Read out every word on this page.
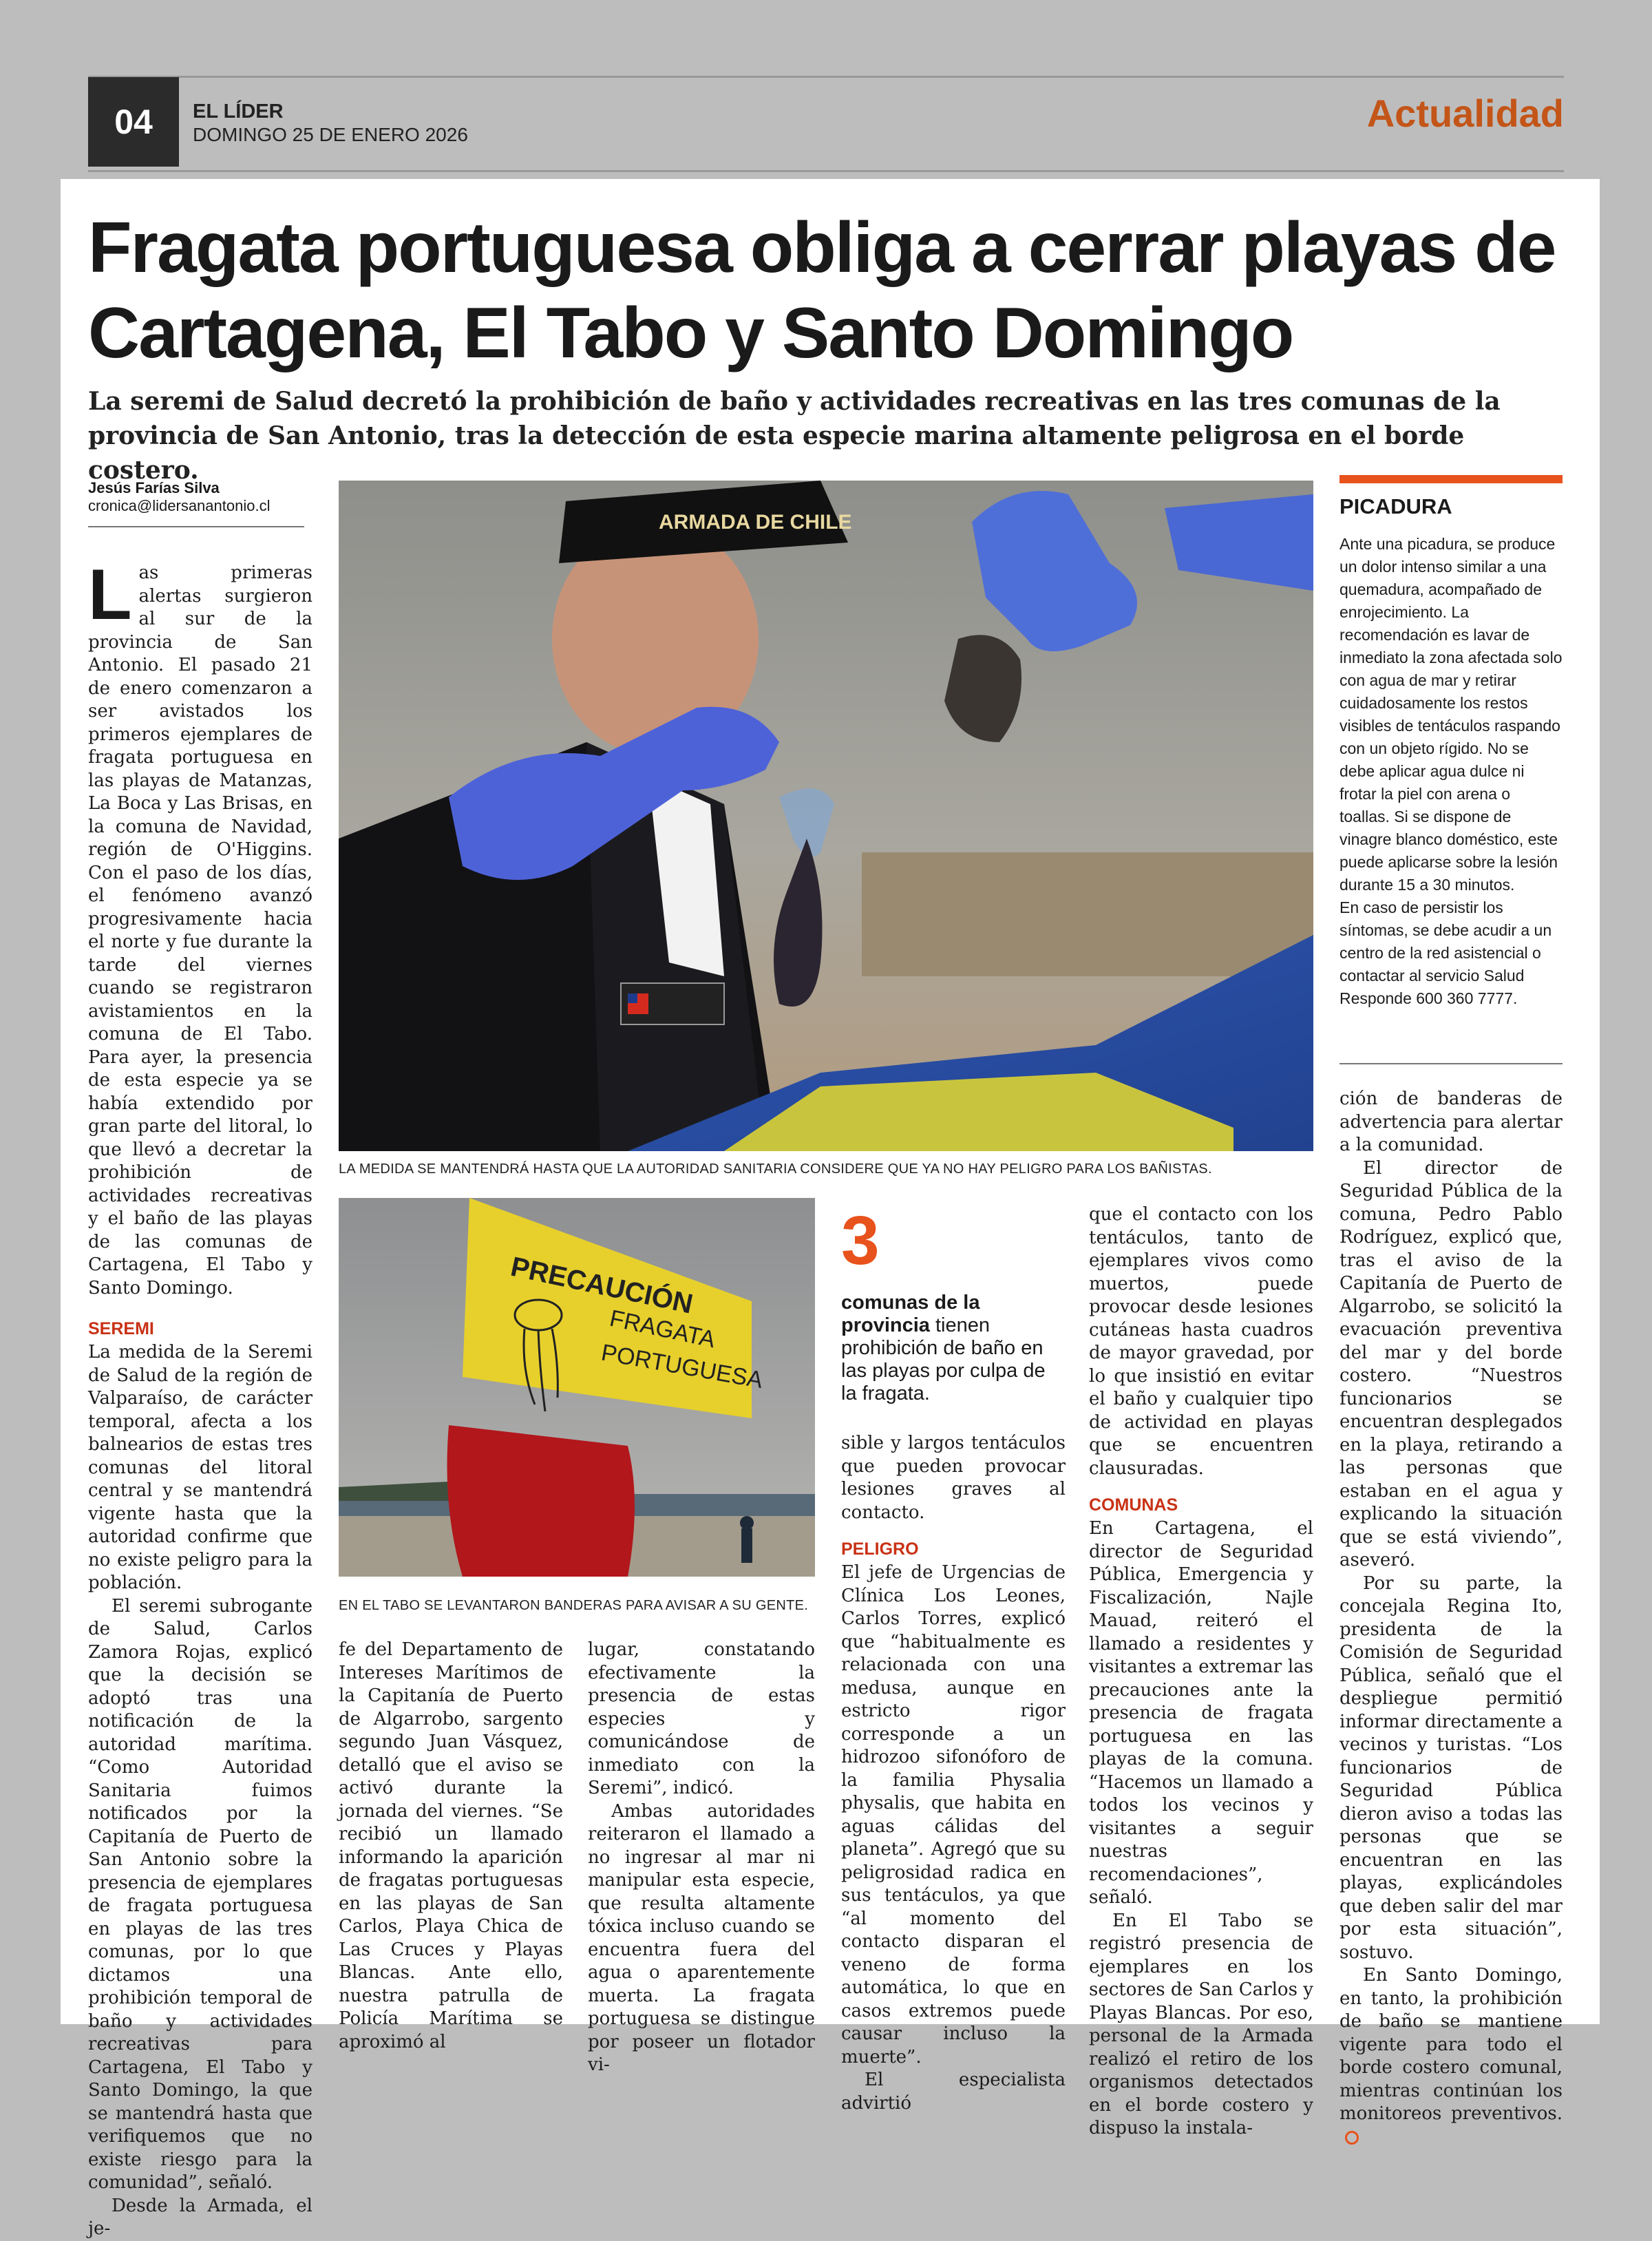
04	EL LÍDER
DOMINGO 25 DE ENERO 2026	Actualidad
Fragata portuguesa obliga a cerrar playas de Cartagena, El Tabo y Santo Domingo
La seremi de Salud decretó la prohibición de baño y actividades recreativas en las tres comunas de la provincia de San Antonio, tras la detección de esta especie marina altamente peligrosa en el borde costero.
Jesús Farías Silva
cronica@lidersanantonio.cl
ARMADA DE CHILE
LA MEDIDA SE MANTENDRÁ HASTA QUE LA AUTORIDAD SANITARIA CONSIDERE QUE YA NO HAY PELIGRO PARA LOS BAÑISTAS.
PICADURA

Ante una picadura, se produce un dolor intenso similar a una quemadura, acompañado de enrojecimiento. La recomendación es lavar de inmediato la zona afectada solo con agua de mar y retirar cuidadosamente los restos visibles de tentáculos raspando con un objeto rígido. No se debe aplicar agua dulce ni frotar la piel con arena o toallas. Si se dispone de vinagre blanco doméstico, este puede aplicarse sobre la lesión durante 15 a 30 minutos.

En caso de persistir los síntomas, se debe acudir a un centro de la red asistencial o contactar al servicio Salud Responde 600 360 7777.

Las primeras alertas surgieron al sur de la provincia de San Antonio. El pasado 21 de enero comenzaron a ser avistados los primeros ejemplares de fragata portuguesa en las playas de Matanzas, La Boca y Las Brisas, en la comuna de Navidad, región de O'Higgins. Con el paso de los días, el fenómeno avanzó progresivamente hacia el norte y fue durante la tarde del viernes cuando se registraron avistamientos en la comuna de El Tabo. Para ayer, la presencia de esta especie ya se había extendido por gran parte del litoral, lo que llevó a decretar la prohibición de actividades recreativas y el baño de las playas de las comunas de Cartagena, El Tabo y Santo Domingo.

SEREMI

La medida de la Seremi de Salud de la región de Valparaíso, de carácter temporal, afecta a los balnearios de estas tres comunas del litoral central y se mantendrá vigente hasta que la autoridad confirme que no existe peligro para la población.

El seremi subrogante de Salud, Carlos Zamora Rojas, explicó que la decisión se adoptó tras una notificación de la autoridad marítima. “Como Autoridad Sanitaria fuimos notificados por la Capitanía de Puerto de San Antonio sobre la presencia de ejemplares de fragata portuguesa en playas de las tres comunas, por lo que dictamos una prohibición temporal de baño y actividades recreativas para Cartagena, El Tabo y Santo Domingo, la que se mantendrá hasta que verifiquemos que no existe riesgo para la comunidad”, señaló.

Desde la Armada, el je-

PRECAUCIÓN
FRAGATA
PORTUGUESA
EN EL TABO SE LEVANTARON BANDERAS PARA AVISAR A SU GENTE.
3
comunas de la provincia tienen prohibición de baño en las playas por culpa de la fragata.

fe del Departamento de Intereses Marítimos de la Capitanía de Puerto de Algarrobo, sargento segundo Juan Vásquez, detalló que el aviso se activó durante la jornada del viernes. “Se recibió un llamado informando la aparición de fragatas portuguesas en las playas de San Carlos, Playa Chica de Las Cruces y Playas Blancas. Ante ello, nuestra patrulla de Policía Marítima se aproximó al

lugar, constatando efectivamente la presencia de estas especies y comunicándose de inmediato con la Seremi”, indicó.

Ambas autoridades reiteraron el llamado a no ingresar al mar ni manipular esta especie, que resulta altamente tóxica incluso cuando se encuentra fuera del agua o aparentemente muerta. La fragata portuguesa se distingue por poseer un flotador vi-

sible y largos tentáculos que pueden provocar lesiones graves al contacto.

PELIGRO

El jefe de Urgencias de Clínica Los Leones, Carlos Torres, explicó que “habitualmente es relacionada con una medusa, aunque en estricto rigor corresponde a un hidrozoo sifonóforo de la familia Physalia physalis, que habita en aguas cálidas del planeta”. Agregó que su peligrosidad radica en sus tentáculos, ya que “al momento del contacto disparan el veneno de forma automática, lo que en casos extremos puede causar incluso la muerte”.

El especialista advirtió

que el contacto con los tentáculos, tanto de ejemplares vivos como muertos, puede provocar desde lesiones cutáneas hasta cuadros de mayor gravedad, por lo que insistió en evitar el baño y cualquier tipo de actividad en playas que se encuentren clausuradas.

COMUNAS

En Cartagena, el director de Seguridad Pública, Emergencia y Fiscalización, Najle Mauad, reiteró el llamado a residentes y visitantes a extremar las precauciones ante la presencia de fragata portuguesa en las playas de la comuna. “Hacemos un llamado a todos los vecinos y visitantes a seguir nuestras recomendaciones”, señaló.

En El Tabo se registró presencia de ejemplares en los sectores de San Carlos y Playas Blancas. Por eso, personal de la Armada realizó el retiro de los organismos detectados en el borde costero y dispuso la instala-

ción de banderas de advertencia para alertar a la comunidad.

El director de Seguridad Pública de la comuna, Pedro Pablo Rodríguez, explicó que, tras el aviso de la Capitanía de Puerto de Algarrobo, se solicitó la evacuación preventiva del mar y del borde costero. “Nuestros funcionarios se encuentran desplegados en la playa, retirando a las personas que estaban en el agua y explicando la situación que se está viviendo”, aseveró.

Por su parte, la concejala Regina Ito, presidenta de la Comisión de Seguridad Pública, señaló que el despliegue permitió informar directamente a vecinos y turistas. “Los funcionarios de Seguridad Pública dieron aviso a todas las personas que se encuentran en las playas, explicándoles que deben salir del mar por esta situación”, sostuvo.

En Santo Domingo, en tanto, la prohibición de baño se mantiene vigente para todo el borde costero comunal, mientras continúan los monitoreos preventivos.
